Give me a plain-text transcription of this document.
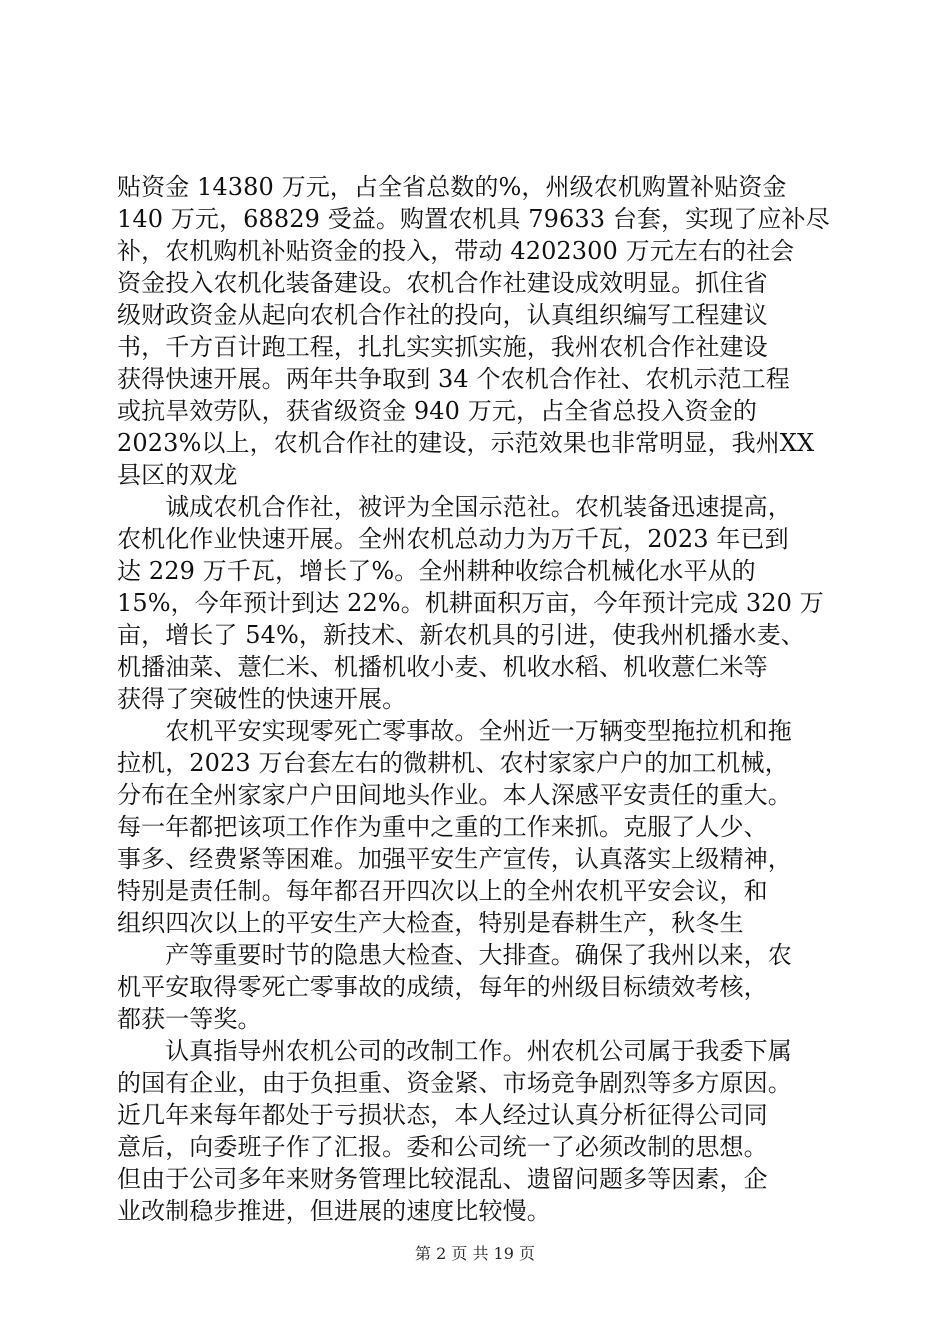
贴资金 14380 万元，占全省总数的%，州级农机购置补贴资金
140 万元，68829 受益。购置农机具 79633 台套，实现了应补尽
补，农机购机补贴资金的投入，带动 4202300 万元左右的社会
资金投入农机化装备建设。农机合作社建设成效明显。抓住省
级财政资金从起向农机合作社的投向，认真组织编写工程建议
书，千方百计跑工程，扎扎实实抓实施，我州农机合作社建设
获得快速开展。两年共争取到 34 个农机合作社、农机示范工程
或抗旱效劳队，获省级资金 940 万元，占全省总投入资金的
2023%以上，农机合作社的建设，示范效果也非常明显，我州XX
县区的双龙
　　诚成农机合作社，被评为全国示范社。农机装备迅速提高，
农机化作业快速开展。全州农机总动力为万千瓦，2023 年已到
达 229 万千瓦，增长了%。全州耕种收综合机械化水平从的
15%，今年预计到达 22%。机耕面积万亩，今年预计完成 320 万
亩，增长了 54%，新技术、新农机具的引进，使我州机播水麦、
机播油菜、薏仁米、机播机收小麦、机收水稻、机收薏仁米等
获得了突破性的快速开展。
　　农机平安实现零死亡零事故。全州近一万辆变型拖拉机和拖
拉机，2023 万台套左右的微耕机、农村家家户户的加工机械，
分布在全州家家户户田间地头作业。本人深感平安责任的重大。
每一年都把该项工作作为重中之重的工作来抓。克服了人少、
事多、经费紧等困难。加强平安生产宣传，认真落实上级精神，
特别是责任制。每年都召开四次以上的全州农机平安会议，和
组织四次以上的平安生产大检查，特别是春耕生产，秋冬生
　　产等重要时节的隐患大检查、大排查。确保了我州以来，农
机平安取得零死亡零事故的成绩，每年的州级目标绩效考核，
都获一等奖。
　　认真指导州农机公司的改制工作。州农机公司属于我委下属
的国有企业，由于负担重、资金紧、市场竞争剧烈等多方原因。
近几年来每年都处于亏损状态，本人经过认真分析征得公司同
意后，向委班子作了汇报。委和公司统一了必须改制的思想。
但由于公司多年来财务管理比较混乱、遗留问题多等因素，企
业改制稳步推进，但进展的速度比较慢。
第 2 页 共 19 页
